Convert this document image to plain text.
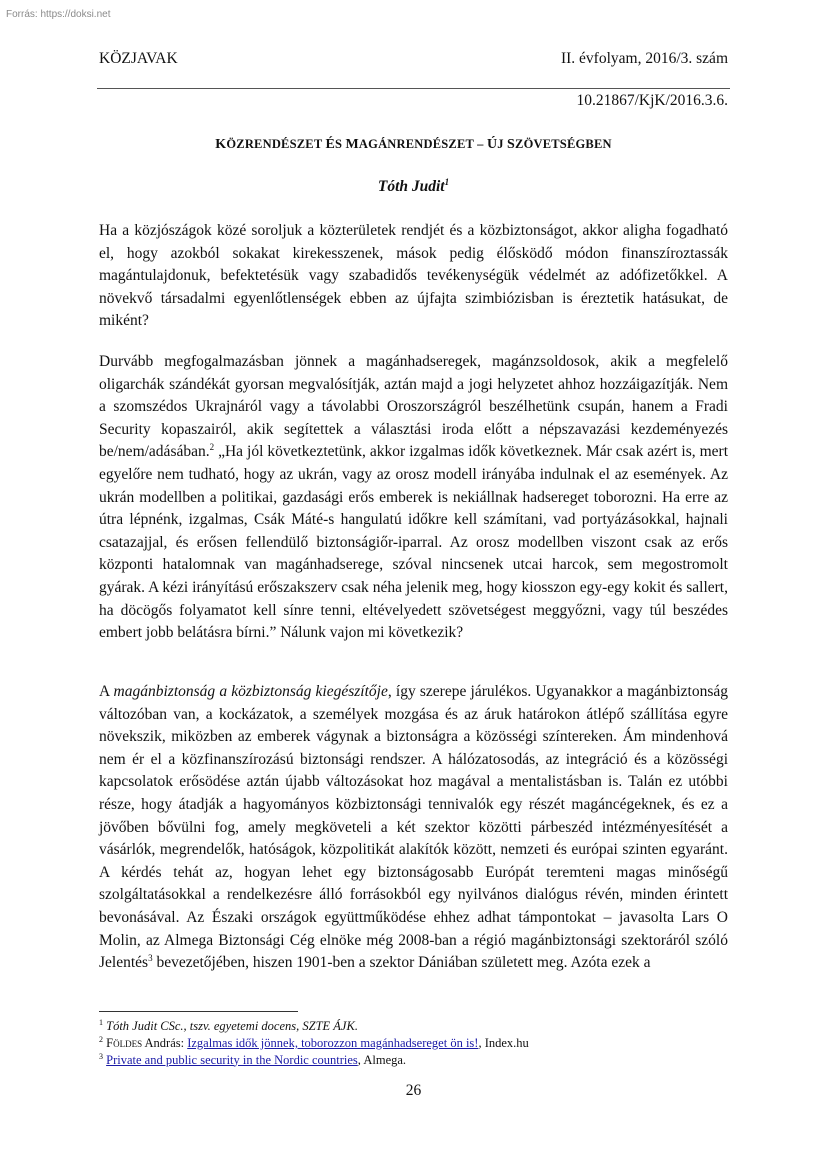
Forrás: https://doksi.net
KÖZJAVAK	II. évfolyam, 2016/3. szám
10.21867/KjK/2016.3.6.
KÖZRENDÉSZET ÉS MAGÁNRENDÉSZET – ÚJ SZÖVETSÉGBEN
Tóth Judit$^1$
Ha a közjószágok közé soroljuk a közterületek rendjét és a közbiztonságot, akkor aligha fogadható el, hogy azokból sokakat kirekesszenek, mások pedig élősködő módon finanszíroztassák magántulajdonuk, befektetésük vagy szabadidős tevékenységük védelmét az adófizetőkkel. A növekvő társadalmi egyenlőtlenségek ebben az újfajta szimbiózisban is éreztetik hatásukat, de miként?
Durvább megfogalmazásban jönnek a magánhadseregek, magánzsoldosok, akik a megfelelő oligarchák szándékát gyorsan megvalósítják, aztán majd a jogi helyzetet ahhoz hozzáigazítják. Nem a szomszédos Ukrajnáról vagy a távolabbi Oroszországról beszélhetünk csupán, hanem a Fradi Security kopaszairól, akik segítettek a választási iroda előtt a népszavazási kezdeményezés be/nem/adásában.$^2$ „Ha jól következtetünk, akkor izgalmas idők következnek. Már csak azért is, mert egyelőre nem tudható, hogy az ukrán, vagy az orosz modell irányába indulnak el az események. Az ukrán modellben a politikai, gazdasági erős emberek is nekiállnak hadsereget toborozni. Ha erre az útra lépnénk, izgalmas, Csák Máté-s hangulatú időkre kell számítani, vad portyázásokkal, hajnali csatazajjal, és erősen fellendülő biztonságiőr-iparral. Az orosz modellben viszont csak az erős központi hatalomnak van magánhadserege, szóval nincsenek utcai harcok, sem megostromolt gyárak. A kézi irányítású erőszakszerv csak néha jelenik meg, hogy kiosszon egy-egy kokit és sallert, ha döcögős folyamatot kell sínre tenni, eltévelyedett szövetségest meggyőzni, vagy túl beszédes embert jobb belátásra bírni.” Nálunk vajon mi következik?
A magánbiztonság a közbiztonság kiegészítője, így szerepe járulékos. Ugyanakkor a magánbiztonság változóban van, a kockázatok, a személyek mozgása és az áruk határokon átlépő szállítása egyre növekszik, miközben az emberek vágynak a biztonságra a közösségi színtereken. Ám mindenhová nem ér el a közfinanszírozású biztonsági rendszer. A hálózatosodás, az integráció és a közösségi kapcsolatok erősödése aztán újabb változásokat hoz magával a mentalistásban is. Talán ez utóbbi része, hogy átadják a hagyományos közbiztonsági tennivalók egy részét magáncégeknek, és ez a jövőben bővülni fog, amely megköveteli a két szektor közötti párbeszéd intézményesítését a vásárlók, megrendelők, hatóságok, közpolitikát alakítók között, nemzeti és európai szinten egyaránt. A kérdés tehát az, hogyan lehet egy biztonságosabb Európát teremteni magas minőségű szolgáltatásokkal a rendelkezésre álló forrásokból egy nyilvános dialógus révén, minden érintett bevonásával. Az Északi országok együttműködése ehhez adhat támpontokat – javasolta Lars O Molin, az Almega Biztonsági Cég elnöke még 2008-ban a régió magánbiztonsági szektoráról szóló Jelentés$^3$ bevezetőjében, hiszen 1901-ben a szektor Dániában született meg. Azóta ezek a
$^1$ Tóth Judit CSc., tszv. egyetemi docens, SZTE ÁJK.
$^2$ Földes András: Izgalmas idők jönnek, toborozzon magánhadsereget ön is!, Index.hu
$^3$ Private and public security in the Nordic countries, Almega.
26
